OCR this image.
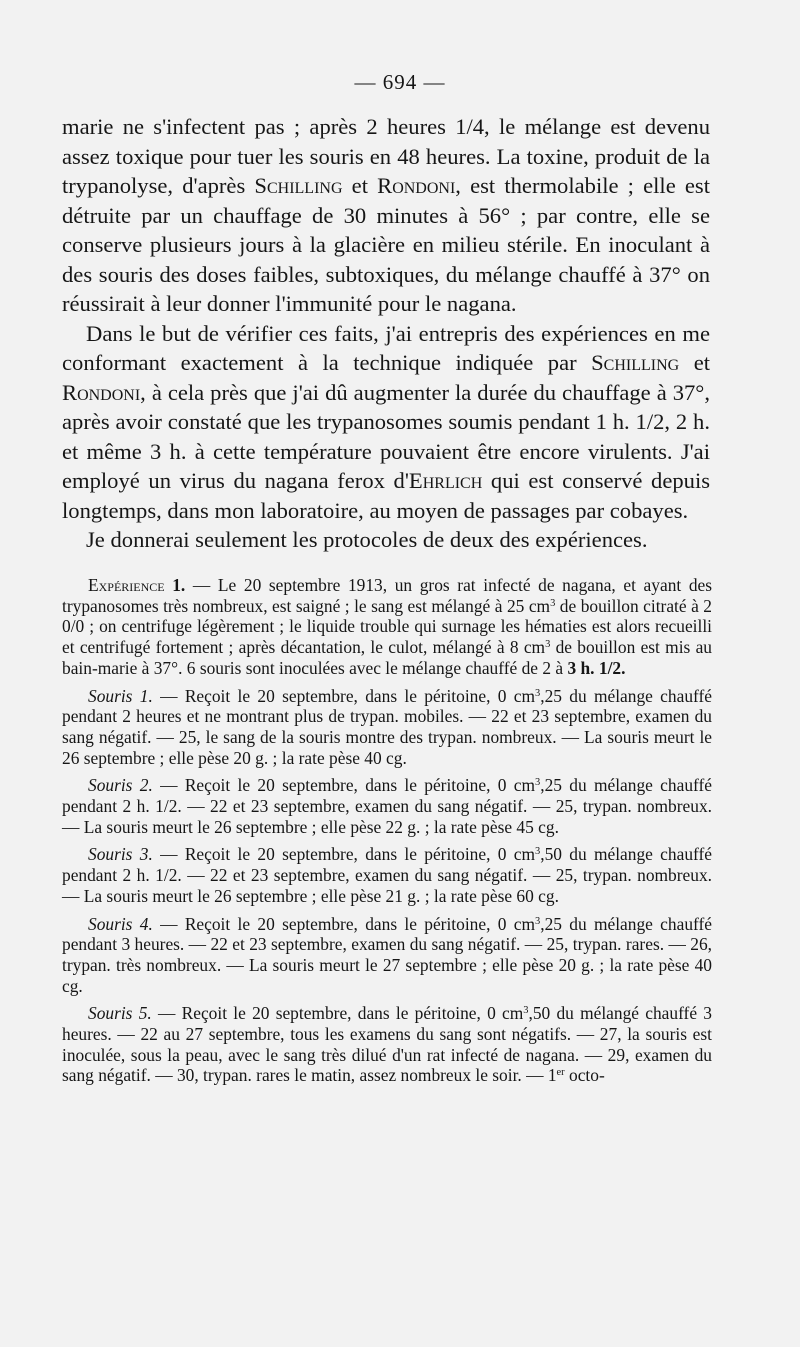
— 694 —

marie ne s'infectent pas ; après 2 heures 1/4, le mélange est devenu assez toxique pour tuer les souris en 48 heures. La toxine, produit de la trypanolyse, d'après Schilling et Rondoni, est thermolabile ; elle est détruite par un chauffage de 30 minutes à 56° ; par contre, elle se conserve plusieurs jours à la glacière en milieu stérile. En inoculant à des souris des doses faibles, subtoxiques, du mélange chauffé à 37° on réussirait à leur donner l'immunité pour le nagana.

Dans le but de vérifier ces faits, j'ai entrepris des expériences en me conformant exactement à la technique indiquée par Schilling et Rondoni, à cela près que j'ai dû augmenter la durée du chauffage à 37°, après avoir constaté que les trypanosomes soumis pendant 1 h. 1/2, 2 h. et même 3 h. à cette température pouvaient être encore virulents. J'ai employé un virus du nagana ferox d'Ehrlich qui est conservé depuis longtemps, dans mon laboratoire, au moyen de passages par cobayes.

Je donnerai seulement les protocoles de deux des expériences.

Expérience 1. — Le 20 septembre 1913, un gros rat infecté de nagana, et ayant des trypanosomes très nombreux, est saigné ; le sang est mélangé à 25 $cm^3$ de bouillon citraté à 2 0/0 ; on centrifuge légèrement ; le liquide trouble qui surnage les hématies est alors recueilli et centrifugé fortement ; après décantation, le culot, mélangé à 8 $cm^3$ de bouillon est mis au bain-marie à 37°. 6 souris sont inoculées avec le mélange chauffé de 2 à 3 h. 1/2.

Souris 1. — Reçoit le 20 septembre, dans le péritoine, 0 $cm^3,25$ du mélange chauffé pendant 2 heures et ne montrant plus de trypan. mobiles. — 22 et 23 septembre, examen du sang négatif. — 25, le sang de la souris montre des trypan. nombreux. — La souris meurt le 26 septembre ; elle pèse 20 g. ; la rate pèse 40 cg.

Souris 2. — Reçoit le 20 septembre, dans le péritoine, 0 $cm^3,25$ du mélange chauffé pendant 2 h. 1/2. — 22 et 23 septembre, examen du sang négatif. — 25, trypan. nombreux. — La souris meurt le 26 septembre ; elle pèse 22 g. ; la rate pèse 45 cg.

Souris 3. — Reçoit le 20 septembre, dans le péritoine, 0 $cm^3,50$ du mélange chauffé pendant 2 h. 1/2. — 22 et 23 septembre, examen du sang négatif. — 25, trypan. nombreux. — La souris meurt le 26 septembre ; elle pèse 21 g. ; la rate pèse 60 cg.

Souris 4. — Reçoit le 20 septembre, dans le péritoine, 0 $cm^3,25$ du mélange chauffé pendant 3 heures. — 22 et 23 septembre, examen du sang négatif. — 25, trypan. rares. — 26, trypan. très nombreux. — La souris meurt le 27 septembre ; elle pèse 20 g. ; la rate pèse 40 cg.

Souris 5. — Reçoit le 20 septembre, dans le péritoine, 0 $cm^3,50$ du mélangé chauffé 3 heures. — 22 au 27 septembre, tous les examens du sang sont négatifs. — 27, la souris est inoculée, sous la peau, avec le sang très dilué d'un rat infecté de nagana. — 29, examen du sang négatif. — 30, trypan. rares le matin, assez nombreux le soir. — 1er octo-
